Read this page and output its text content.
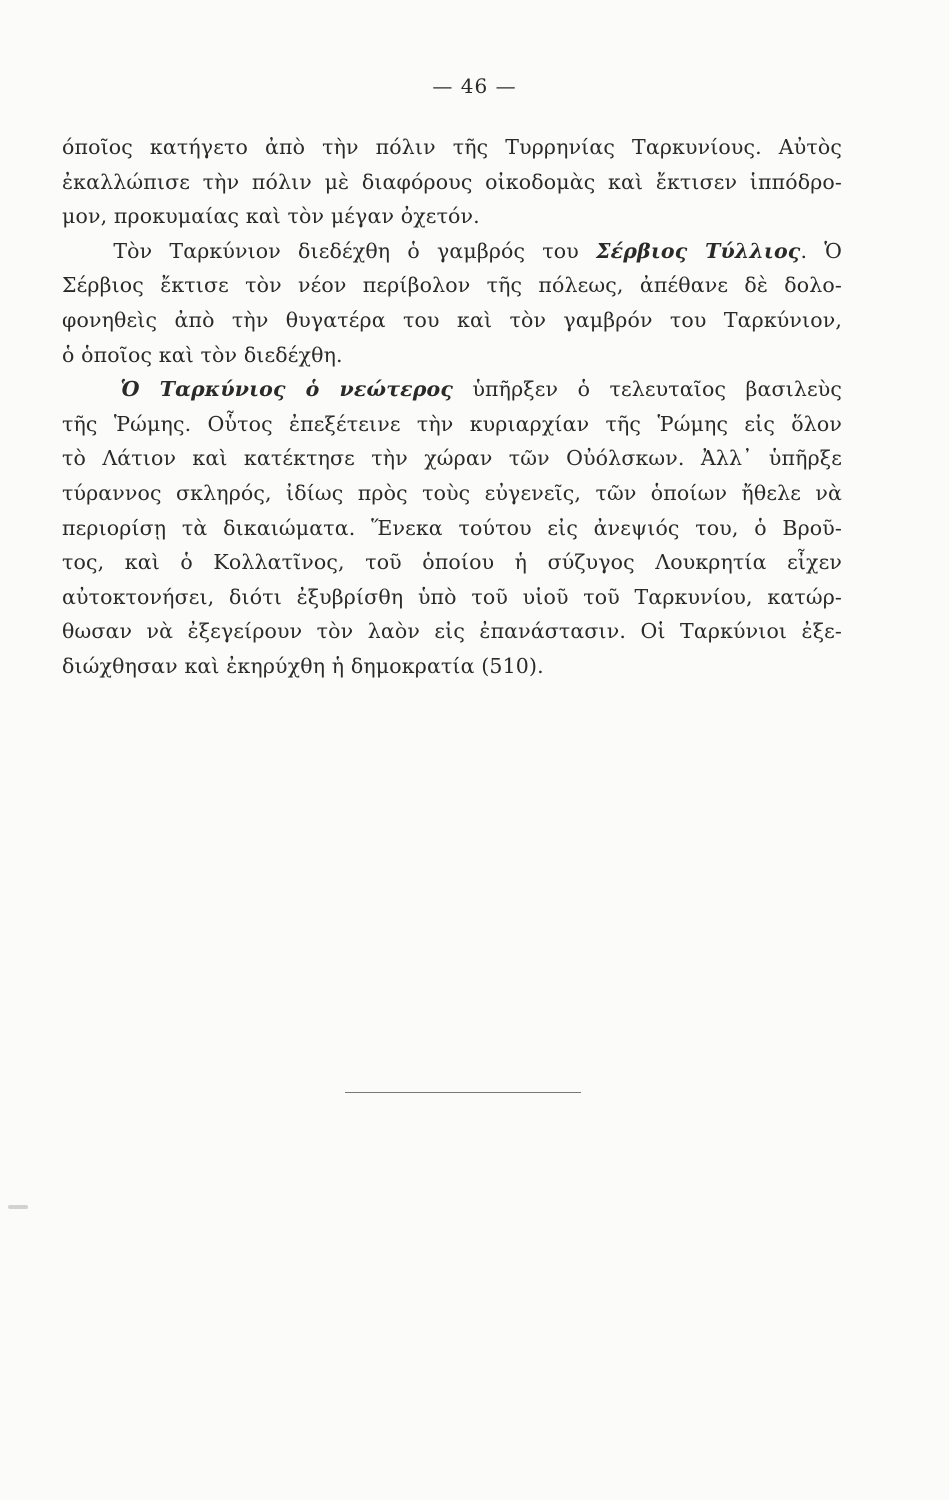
— 46 —
όποῖος κατήγετο ἀπὸ τὴν πόλιν τῆς Τυρρηνίας Ταρκυνίους. Αὐτὸς
ἐκαλλώπισε τὴν πόλιν μὲ διαφόρους οἰκοδομὰς καὶ ἔκτισεν ἱππόδρο-
μον, προκυμαίας καὶ τὸν μέγαν ὀχετόν.
Τὸν Ταρκύνιον διεδέχθη ὁ γαμβρός του Σέρβιος Τύλλιος. Ὁ
Σέρβιος ἔκτισε τὸν νέον περίβολον τῆς πόλεως, ἀπέθανε δὲ δολο-
φονηθεὶς ἀπὸ τὴν θυγατέρα του καὶ τὸν γαμβρόν του Ταρκύνιον,
ὁ ὁποῖος καὶ τὸν διεδέχθη.
Ὁ Ταρκύνιος ὁ νεώτερος ὑπῆρξεν ὁ τελευταῖος βασιλεὺς
τῆς Ῥώμης. Οὗτος ἐπεξέτεινε τὴν κυριαρχίαν τῆς Ῥώμης εἰς ὅλον
τὸ Λάτιον καὶ κατέκτησε τὴν χώραν τῶν Οὐόλσκων. Ἀλλ᾽ ὑπῆρξε
τύραννος σκληρός, ἰδίως πρὸς τοὺς εὐγενεῖς, τῶν ὁποίων ἤθελε νὰ
περιορίσῃ τὰ δικαιώματα. Ἕνεκα τούτου εἰς ἀνεψιός του, ὁ Βροῦ-
τος, καὶ ὁ Κολλατῖνος, τοῦ ὁποίου ἡ σύζυγος Λουκρητία εἶχεν
αὐτοκτονήσει, διότι ἐξυβρίσθη ὑπὸ τοῦ υἱοῦ τοῦ Ταρκυνίου, κατώρ-
θωσαν νὰ ἐξεγείρουν τὸν λαὸν εἰς ἐπανάστασιν. Οἱ Ταρκύνιοι ἐξε-
διώχθησαν καὶ ἐκηρύχθη ἡ δημοκρατία (510).
